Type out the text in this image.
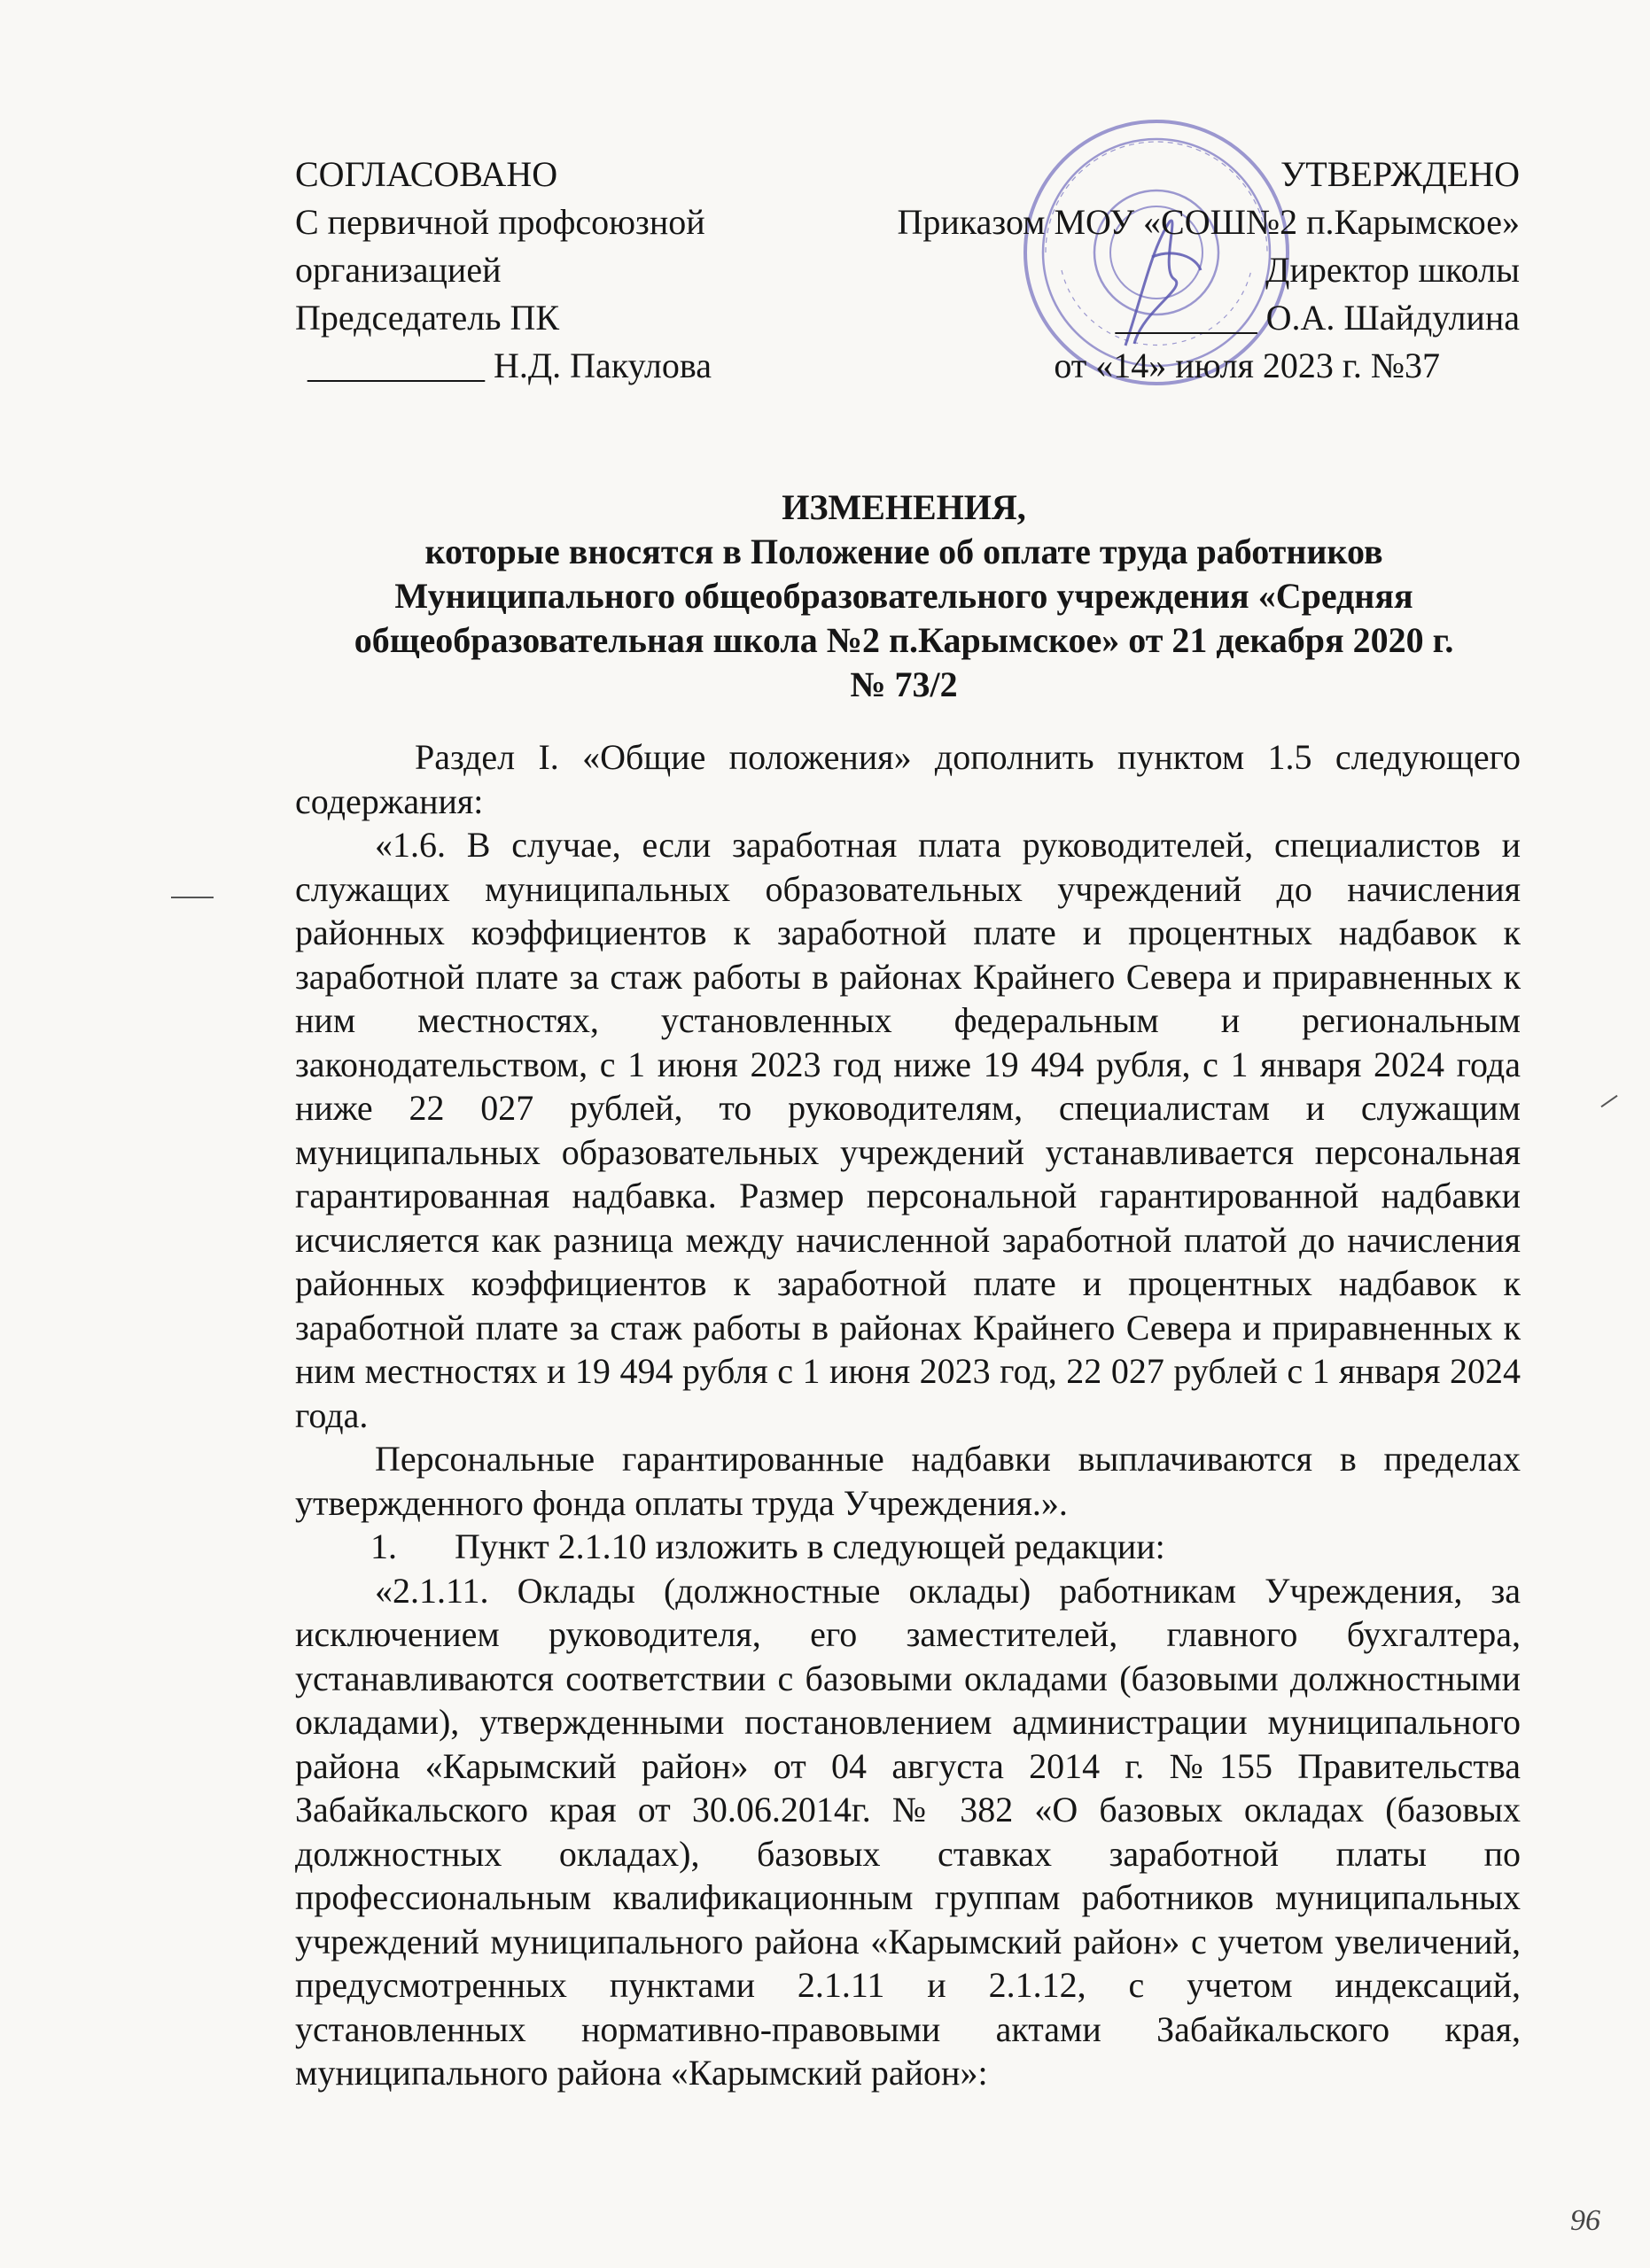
СОГЛАСОВАНО
С первичной профсоюзной
организацией
Председатель ПК
__________ Н.Д. Пакулова
УТВЕРЖДЕНО
Приказом МОУ «СОШ№2 п.Карымское»
Директор школы
________ О.А. Шайдулина
от «14» июля 2023 г. №37
ИЗМЕНЕНИЯ,
которые вносятся в Положение об оплате труда работников
Муниципального общеобразовательного учреждения «Средняя
общеобразовательная школа №2 п.Карымское» от 21 декабря 2020 г.
№ 73/2

Раздел I. «Общие положения» дополнить пунктом 1.5 следующего содержания:

«1.6. В случае, если заработная плата руководителей, специалистов и служащих муниципальных образовательных учреждений до начисления районных коэффициентов к заработной плате и процентных надбавок к заработной плате за стаж работы в районах Крайнего Севера и приравненных к ним местностях, установленных федеральным и региональным законодательством, с 1 июня 2023 год ниже 19 494 рубля, с 1 января 2024 года ниже 22 027 рублей, то руководителям, специалистам и служащим муниципальных образовательных учреждений устанавливается персональная гарантированная надбавка. Размер персональной гарантированной надбавки исчисляется как разница между начисленной заработной платой до начисления районных коэффициентов к заработной плате и процентных надбавок к заработной плате за стаж работы в районах Крайнего Севера и приравненных к ним местностях и 19 494 рубля с 1 июня 2023 год, 22 027 рублей с 1 января 2024 года.

Персональные гарантированные надбавки выплачиваются в пределах утвержденного фонда оплаты труда Учреждения.».

1. Пункт 2.1.10 изложить в следующей редакции:

«2.1.11. Оклады (должностные оклады) работникам Учреждения, за исключением руководителя, его заместителей, главного бухгалтера, устанавливаются соответствии с базовыми окладами (базовыми должностными окладами), утвержденными постановлением администрации муниципального района «Карымский район» от 04 августа 2014 г. №155 Правительства Забайкальского края от 30.06.2014г. № 382 «О базовых окладах (базовых должностных окладах), базовых ставках заработной платы по профессиональным квалификационным группам работников муниципальных учреждений муниципального района «Карымский район» с учетом увеличений, предусмотренных пунктами 2.1.11 и 2.1.12, с учетом индексаций, установленных нормативно-правовыми актами Забайкальского края, муниципального района «Карымский район»:

96
